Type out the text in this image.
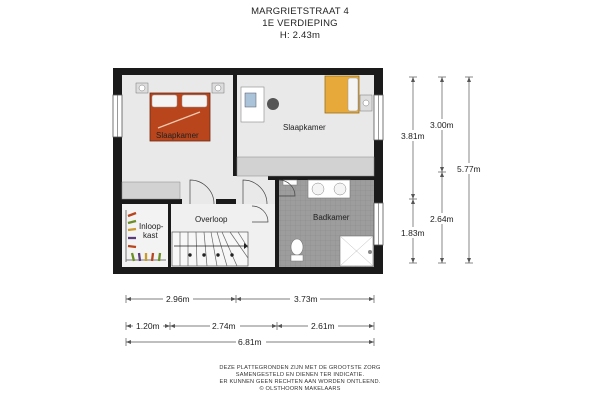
MARGRIETSTRAAT 4
1E VERDIEPING
H: 2.43m
Slaapkamer
Slaapkamer
Overloop
Inloop-
kast
Badkamer
2.96m	3.73m
1.20m	2.74m	2.61m
6.81m
3.81m
1.83m
3.00m
2.64m
5.77m
DEZE PLATTEGRONDEN ZIJN MET DE GROOTSTE ZORG
SAMENGESTELD EN DIENEN TER INDICATIE.
ER KUNNEN GEEN RECHTEN AAN WORDEN ONTLEEND.
© OLSTHOORN MAKELAARS
